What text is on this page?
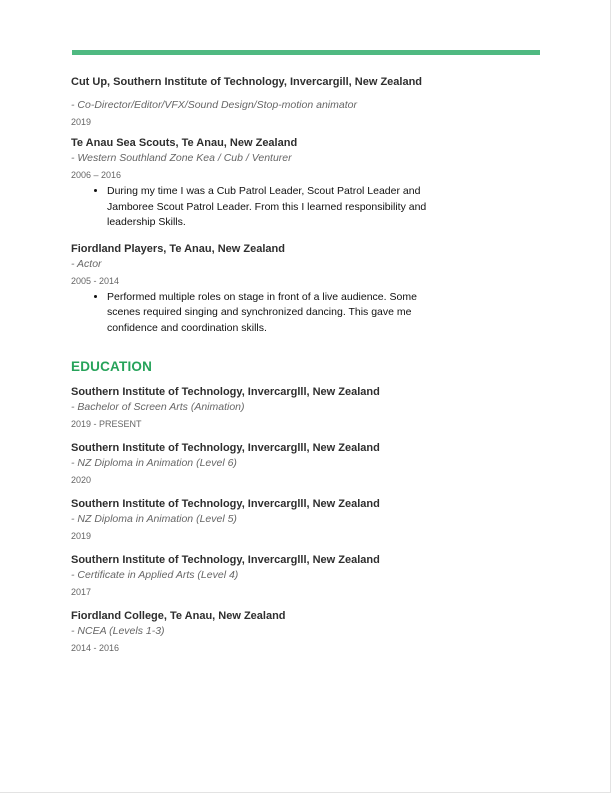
Cut Up, Southern Institute of Technology, Invercargill, New Zealand
- Co-Director/Editor/VFX/Sound Design/Stop-motion animator
2019
Te Anau Sea Scouts, Te Anau, New Zealand
- Western Southland Zone Kea / Cub / Venturer
2006 – 2016
• During my time I was a Cub Patrol Leader, Scout Patrol Leader and Jamboree Scout Patrol Leader. From this I learned responsibility and leadership Skills.
Fiordland Players, Te Anau, New Zealand
- Actor
2005 - 2014
• Performed multiple roles on stage in front of a live audience. Some scenes required singing and synchronized dancing. This gave me confidence and coordination skills.
EDUCATION
Southern Institute of Technology, Invercarglll, New Zealand
- Bachelor of Screen Arts (Animation)
2019 - PRESENT
Southern Institute of Technology, Invercarglll, New Zealand
- NZ Diploma in Animation (Level 6)
2020
Southern Institute of Technology, Invercarglll, New Zealand
- NZ Diploma in Animation (Level 5)
2019
Southern Institute of Technology, Invercarglll, New Zealand
- Certificate in Applied Arts (Level 4)
2017
Fiordland College, Te Anau, New Zealand
- NCEA (Levels 1-3)
2014 - 2016
